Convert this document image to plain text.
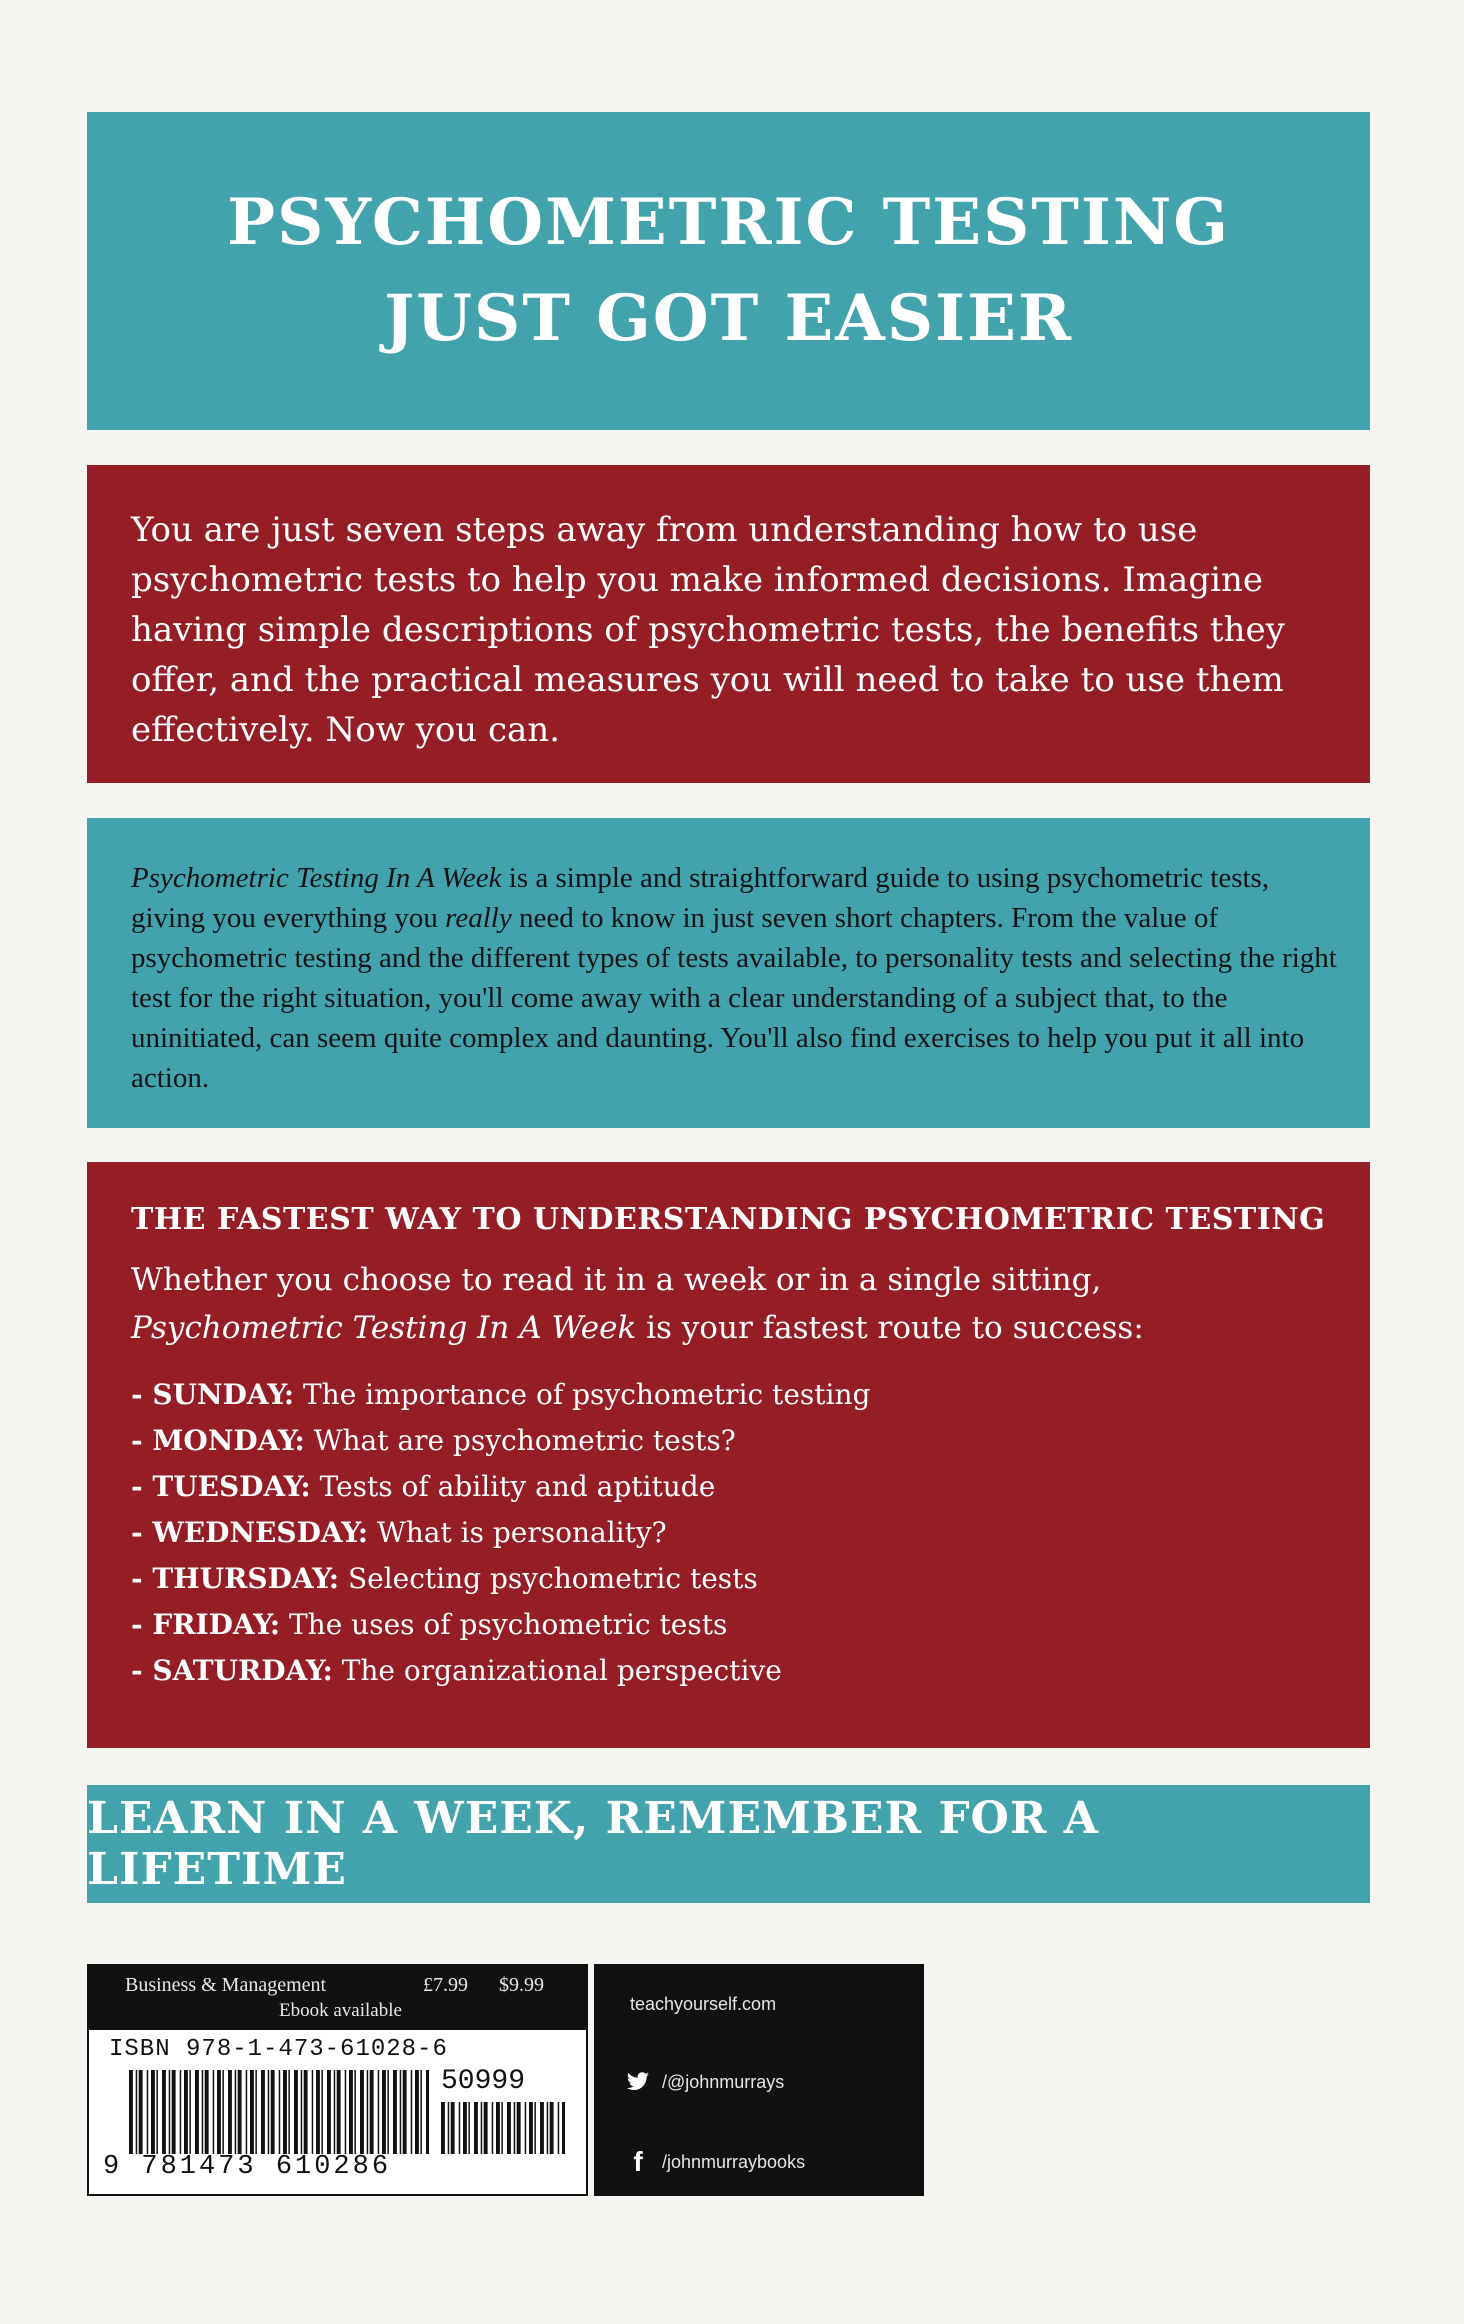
PSYCHOMETRIC TESTING
JUST GOT EASIER
You are just seven steps away from understanding how to use psychometric tests to help you make informed decisions. Imagine having simple descriptions of psychometric tests, the benefits they offer, and the practical measures you will need to take to use them effectively. Now you can.
Psychometric Testing In A Week is a simple and straightforward guide to using psychometric tests, giving you everything you really need to know in just seven short chapters. From the value of psychometric testing and the different types of tests available, to personality tests and selecting the right test for the right situation, you'll come away with a clear understanding of a subject that, to the uninitiated, can seem quite complex and daunting. You'll also find exercises to help you put it all into action.
THE FASTEST WAY TO UNDERSTANDING PSYCHOMETRIC TESTING
Whether you choose to read it in a week or in a single sitting,
Psychometric Testing In A Week is your fastest route to success:
- SUNDAY: The importance of psychometric testing
- MONDAY: What are psychometric tests?
- TUESDAY: Tests of ability and aptitude
- WEDNESDAY: What is personality?
- THURSDAY: Selecting psychometric tests
- FRIDAY: The uses of psychometric tests
- SATURDAY: The organizational perspective
LEARN IN A WEEK, REMEMBER FOR A LIFETIME
Business & Management	£7.99 $9.99
Ebook available
ISBN 978-1-473-61028-6
50999
9 781473 610286
teachyourself.com
/@johnmurrays
f /johnmurraybooks
